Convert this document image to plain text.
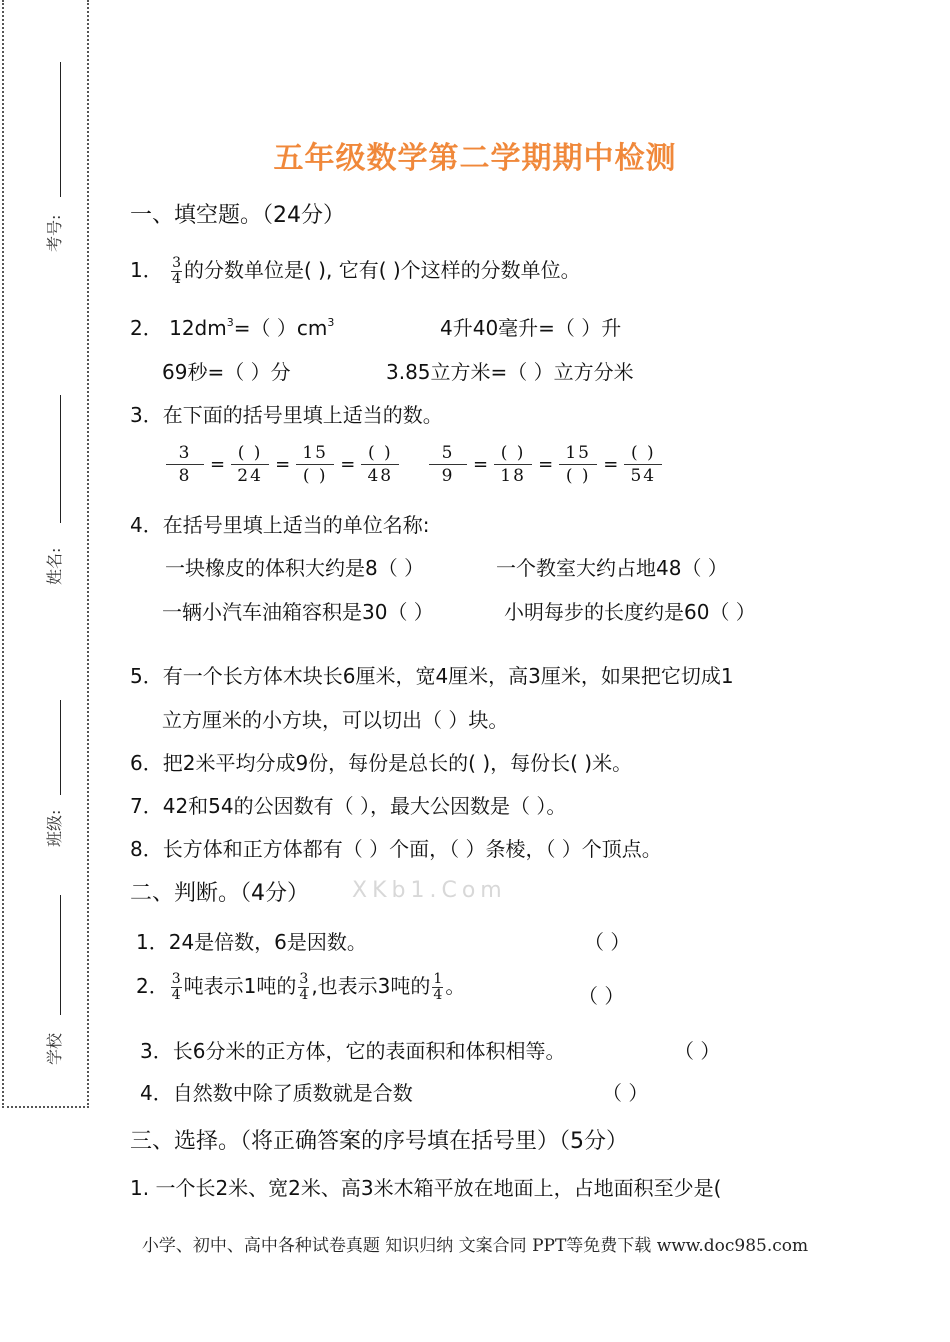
考号:
姓名:
班级:
学校
五年级数学第二学期期中检测
一、填空题。（24分）
1． $\frac{3}{4}$ 的分数单位是( ), 它有( )个这样的分数单位。
2． $12dm^3=$（ ）$cm^3$	4升40毫升=（ ）升
69秒=（ ）分	3.85立方米=（ ）立方分米
3．在下面的括号里填上适当的数。
$\frac{3}{8}$ =
( )
24
=
15
( )
=
( )
48	$\frac{5}{9}$ =
( )
18
=
15
( )
=
( )
54
4．在括号里填上适当的单位名称:
一块橡皮的体积大约是8（ ）	一个教室大约占地48（ ）
一辆小汽车油箱容积是30（ ）	小明每步的长度约是60（ ）
5．有一个长方体木块长6厘米，宽4厘米，高3厘米，如果把它切成1
立方厘米的小方块，可以切出（ ）块。
6．把2米平均分成9份，每份是总长的( )，每份长( )米。
7．42和54的公因数有（ ），最大公因数是（ ）。
8．长方体和正方体都有（ ）个面，（ ）条棱，（ ）个顶点。
二、判断。（4分） XKb1.Com
1．24是倍数，6是因数。	（ ）
2． $\frac{3}{4}$ 吨表示1吨的 $\frac{3}{4}$ ,也表示3吨的 $\frac{1}{4}$ 。	（ ）
3．长6分米的正方体，它的表面积和体积相等。	（ ）
4．自然数中除了质数就是合数	（ ）
三、选择。（将正确答案的序号填在括号里）（5分）
1. 一个长2米、宽2米、高3米木箱平放在地面上，占地面积至少是(
小学、初中、高中各种试卷真题 知识归纳 文案合同 PPT等免费下载 www.doc985.com
